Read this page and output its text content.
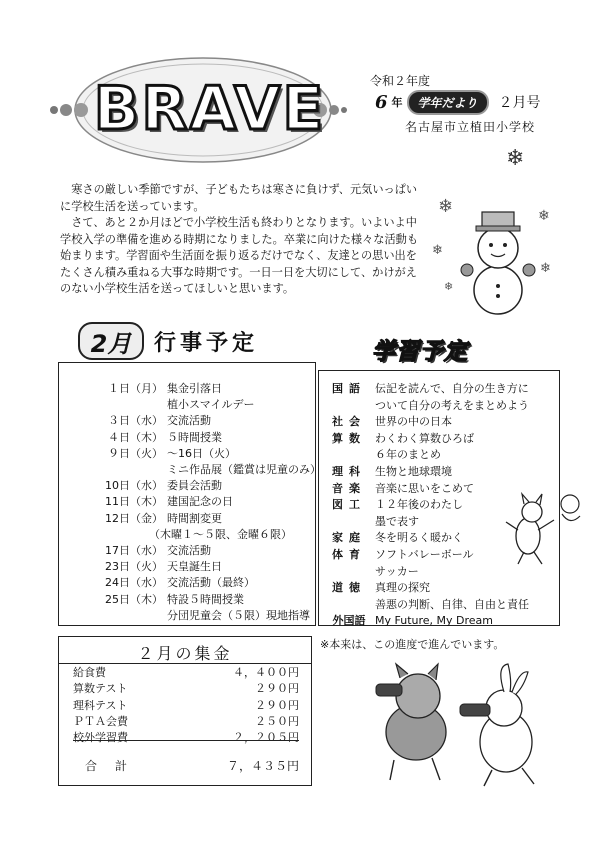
BRAVE	令和２年度
6 年	学年だより	２月号
名古屋市立植田小学校
❄

寒さの厳しい季節ですが、子どもたちは寒さに負けず、元気いっぱいに学校生活を送っています。

さて、あと２か月ほどで小学校生活も終わりとなります。いよいよ中学校入学の準備を進める時期になりました。卒業に向けた様々な活動も始まります。学習面や生活面を振り返るだけでなく、友達との思い出をたくさん積み重ねる大事な時期です。一日一日を大切にして、かけがえのない小学校生活を送ってほしいと思います。

❄	❄
❄
❄
❄
2月	行事予定	学習予定
１日（月） 集金引落日
植小スマイルデー
３日（水） 交流活動
４日（木） ５時間授業
９日（火） ～16日（火）
ミニ作品展（鑑賞は児童のみ）
10日（水） 委員会活動
11日（木） 建国記念の日
12日（金） 時間割変更
（木曜１～５限、金曜６限）
17日（水） 交流活動
23日（火） 天皇誕生日
24日（水） 交流活動（最終）
25日（木） 特設５時間授業
分団児童会（５限）現地指導
国語 伝記を読んで、自分の生き方に
ついて自分の考えをまとめよう
社会 世界の中の日本
算数 わくわく算数ひろば
６年のまとめ
理科 生物と地球環境
音楽 音楽に思いをこめて
図工 １２年後のわたし
墨で表す
家庭 冬を明るく暖かく
体育 ソフトバレーボール
サッカー
道徳 真理の探究
善悪の判断、自律、自由と責任
外国語 My Future, My Dream
※本来は、この進度で進んでいます。
２月の集金
給食費	４，４００円
算数テスト	２９０円
理科テスト	２９０円
ＰＴＡ会費	２５０円
校外学習費	２，２０５円
合計	７，４３５円
